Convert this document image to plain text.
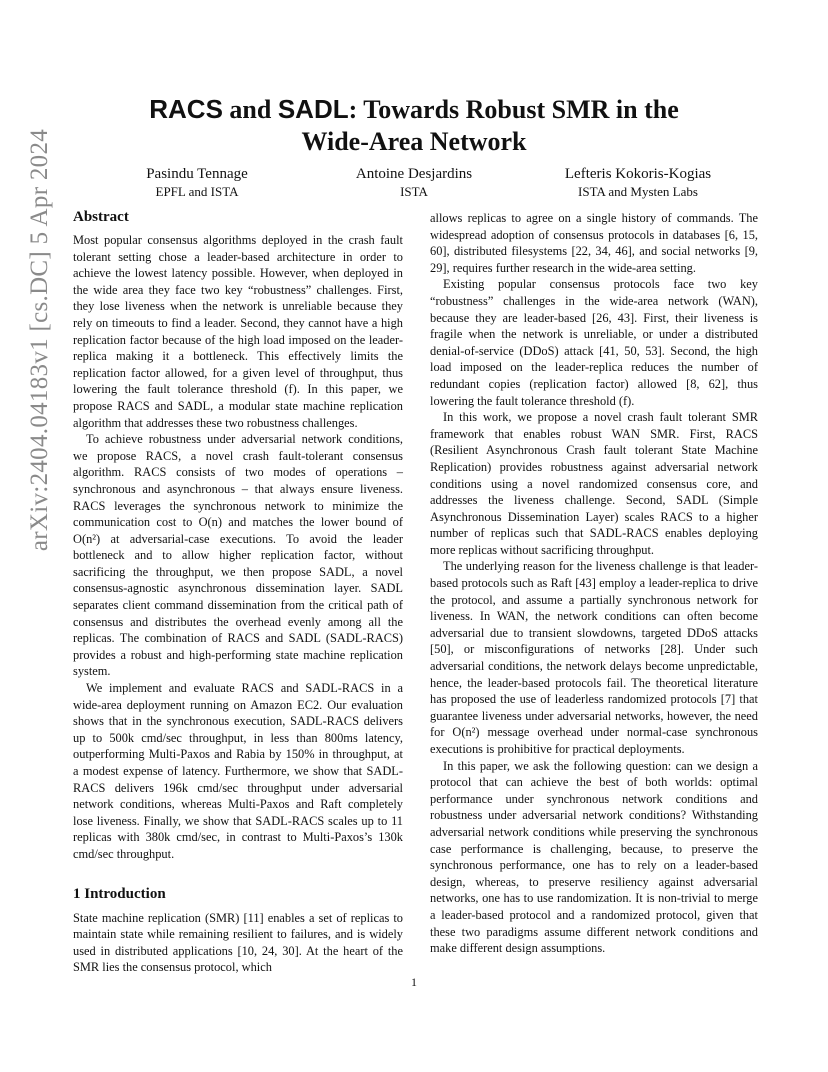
arXiv:2404.04183v1 [cs.DC] 5 Apr 2024
RACS and SADL: Towards Robust SMR in the
Wide-Area Network
Pasindu Tennage
EPFL and ISTA
Antoine Desjardins
ISTA
Lefteris Kokoris-Kogias
ISTA and Mysten Labs
Abstract

Most popular consensus algorithms deployed in the crash fault tolerant setting chose a leader-based architecture in order to achieve the lowest latency possible. However, when deployed in the wide area they face two key “robustness” challenges. First, they lose liveness when the network is unreliable because they rely on timeouts to find a leader. Second, they cannot have a high replication factor because of the high load imposed on the leader-replica making it a bottleneck. This effectively limits the replication factor allowed, for a given level of throughput, thus lowering the fault tolerance threshold (f). In this paper, we propose RACS and SADL, a modular state machine replication algorithm that addresses these two robustness challenges.

To achieve robustness under adversarial network conditions, we propose RACS, a novel crash fault-tolerant consensus algorithm. RACS consists of two modes of operations – synchronous and asynchronous – that always ensure liveness. RACS leverages the synchronous network to minimize the communication cost to O(n) and matches the lower bound of O(n²) at adversarial-case executions. To avoid the leader bottleneck and to allow higher replication factor, without sacrificing the throughput, we then propose SADL, a novel consensus-agnostic asynchronous dissemination layer. SADL separates client command dissemination from the critical path of consensus and distributes the overhead evenly among all the replicas. The combination of RACS and SADL (SADL-RACS) provides a robust and high-performing state machine replication system.

We implement and evaluate RACS and SADL-RACS in a wide-area deployment running on Amazon EC2. Our evaluation shows that in the synchronous execution, SADL-RACS delivers up to 500k cmd/sec throughput, in less than 800ms latency, outperforming Multi-Paxos and Rabia by 150% in throughput, at a modest expense of latency. Furthermore, we show that SADL-RACS delivers 196k cmd/sec throughput under adversarial network conditions, whereas Multi-Paxos and Raft completely lose liveness. Finally, we show that SADL-RACS scales up to 11 replicas with 380k cmd/sec, in contrast to Multi-Paxos’s 130k cmd/sec throughput.

1 Introduction

State machine replication (SMR) [11] enables a set of replicas to maintain state while remaining resilient to failures, and is widely used in distributed applications [10, 24, 30]. At the heart of the SMR lies the consensus protocol, which

allows replicas to agree on a single history of commands. The widespread adoption of consensus protocols in databases [6, 15, 60], distributed filesystems [22, 34, 46], and social networks [9, 29], requires further research in the wide-area setting.

Existing popular consensus protocols face two key “robustness” challenges in the wide-area network (WAN), because they are leader-based [26, 43]. First, their liveness is fragile when the network is unreliable, or under a distributed denial-of-service (DDoS) attack [41, 50, 53]. Second, the high load imposed on the leader-replica reduces the number of redundant copies (replication factor) allowed [8, 62], thus lowering the fault tolerance threshold (f).

In this work, we propose a novel crash fault tolerant SMR framework that enables robust WAN SMR. First, RACS (Resilient Asynchronous Crash fault tolerant State Machine Replication) provides robustness against adversarial network conditions using a novel randomized consensus core, and addresses the liveness challenge. Second, SADL (Simple Asynchronous Dissemination Layer) scales RACS to a higher number of replicas such that SADL-RACS enables deploying more replicas without sacrificing throughput.

The underlying reason for the liveness challenge is that leader-based protocols such as Raft [43] employ a leader-replica to drive the protocol, and assume a partially synchronous network for liveness. In WAN, the network conditions can often become adversarial due to transient slowdowns, targeted DDoS attacks [50], or misconfigurations of networks [28]. Under such adversarial conditions, the network delays become unpredictable, hence, the leader-based protocols fail. The theoretical literature has proposed the use of leaderless randomized protocols [7] that guarantee liveness under adversarial networks, however, the need for O(n²) message overhead under normal-case synchronous executions is prohibitive for practical deployments.

In this paper, we ask the following question: can we design a protocol that can achieve the best of both worlds: optimal performance under synchronous network conditions and robustness under adversarial network conditions? Withstanding adversarial network conditions while preserving the synchronous case performance is challenging, because, to preserve the synchronous performance, one has to rely on a leader-based design, whereas, to preserve resiliency against adversarial networks, one has to use randomization. It is non-trivial to merge a leader-based protocol and a randomized protocol, given that these two paradigms assume different network conditions and make different design assumptions.

1
